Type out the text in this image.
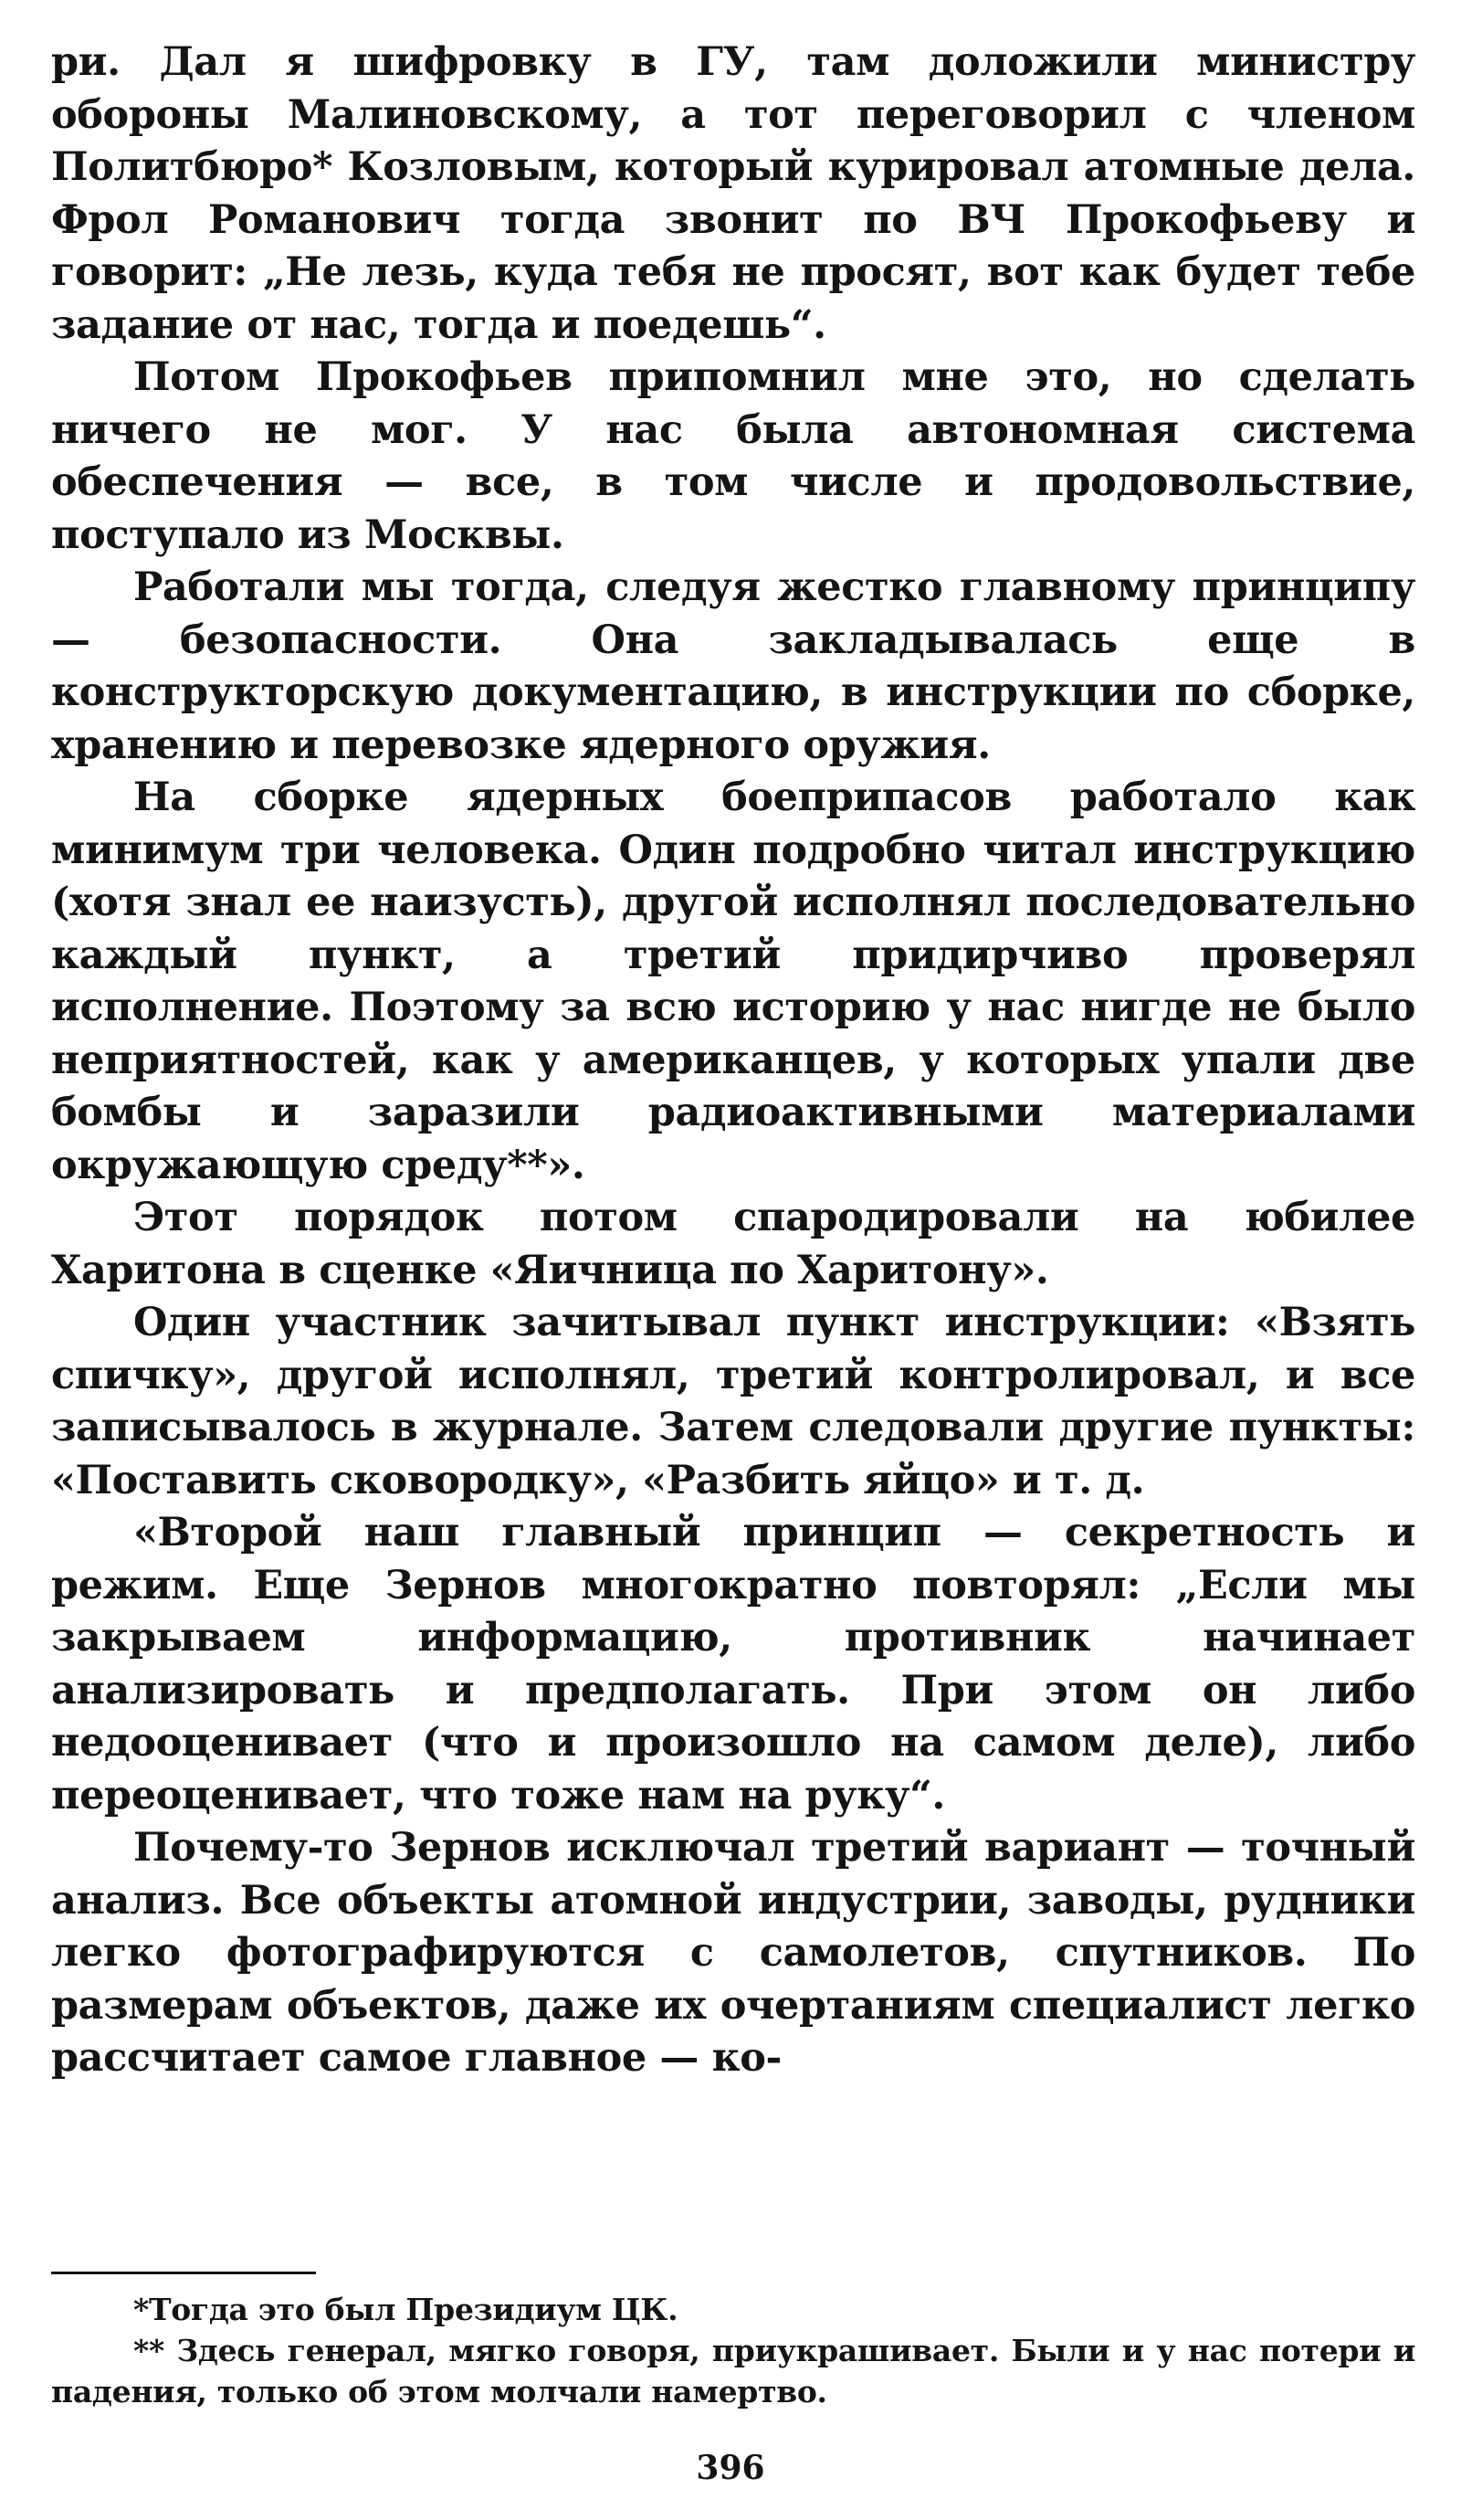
ри. Дал я шифровку в ГУ, там доложили министру обороны Малиновскому, а тот переговорил с членом Политбюро* Козловым, который курировал атомные дела. Фрол Романович тогда звонит по ВЧ Прокофьеву и говорит: „Не лезь, куда тебя не просят, вот как будет тебе задание от нас, тогда и поедешь“.

Потом Прокофьев припомнил мне это, но сделать ничего не мог. У нас была автономная система обеспечения — все, в том числе и продовольствие, поступало из Москвы.

Работали мы тогда, следуя жестко главному принципу — безопасности. Она закладывалась еще в конструкторскую документацию, в инструкции по сборке, хранению и перевозке ядерного оружия.

На сборке ядерных боеприпасов работало как минимум три человека. Один подробно читал инструкцию (хотя знал ее наизусть), другой исполнял последовательно каждый пункт, а третий придирчиво проверял исполнение. Поэтому за всю историю у нас нигде не было неприятностей, как у американцев, у которых упали две бомбы и заразили радиоактивными материалами окружающую среду**».

Этот порядок потом спародировали на юбилее Харитона в сценке «Яичница по Харитону».

Один участник зачитывал пункт инструкции: «Взять спичку», другой исполнял, третий контролировал, и все записывалось в журнале. Затем следовали другие пункты: «Поставить сковородку», «Разбить яйцо» и т. д.

«Второй наш главный принцип — секретность и режим. Еще Зернов многократно повторял: „Если мы закрываем информацию, противник начинает анализировать и предполагать. При этом он либо недооценивает (что и произошло на самом деле), либо переоценивает, что тоже нам на руку“.

Почему-то Зернов исключал третий вариант — точный анализ. Все объекты атомной индустрии, заводы, рудники легко фотографируются с самолетов, спутников. По размерам объектов, даже их очертаниям специалист легко рассчитает самое главное — ко-

*Тогда это был Президиум ЦК.

** Здесь генерал, мягко говоря, приукрашивает. Были и у нас потери и падения, только об этом молчали намертво.

396
